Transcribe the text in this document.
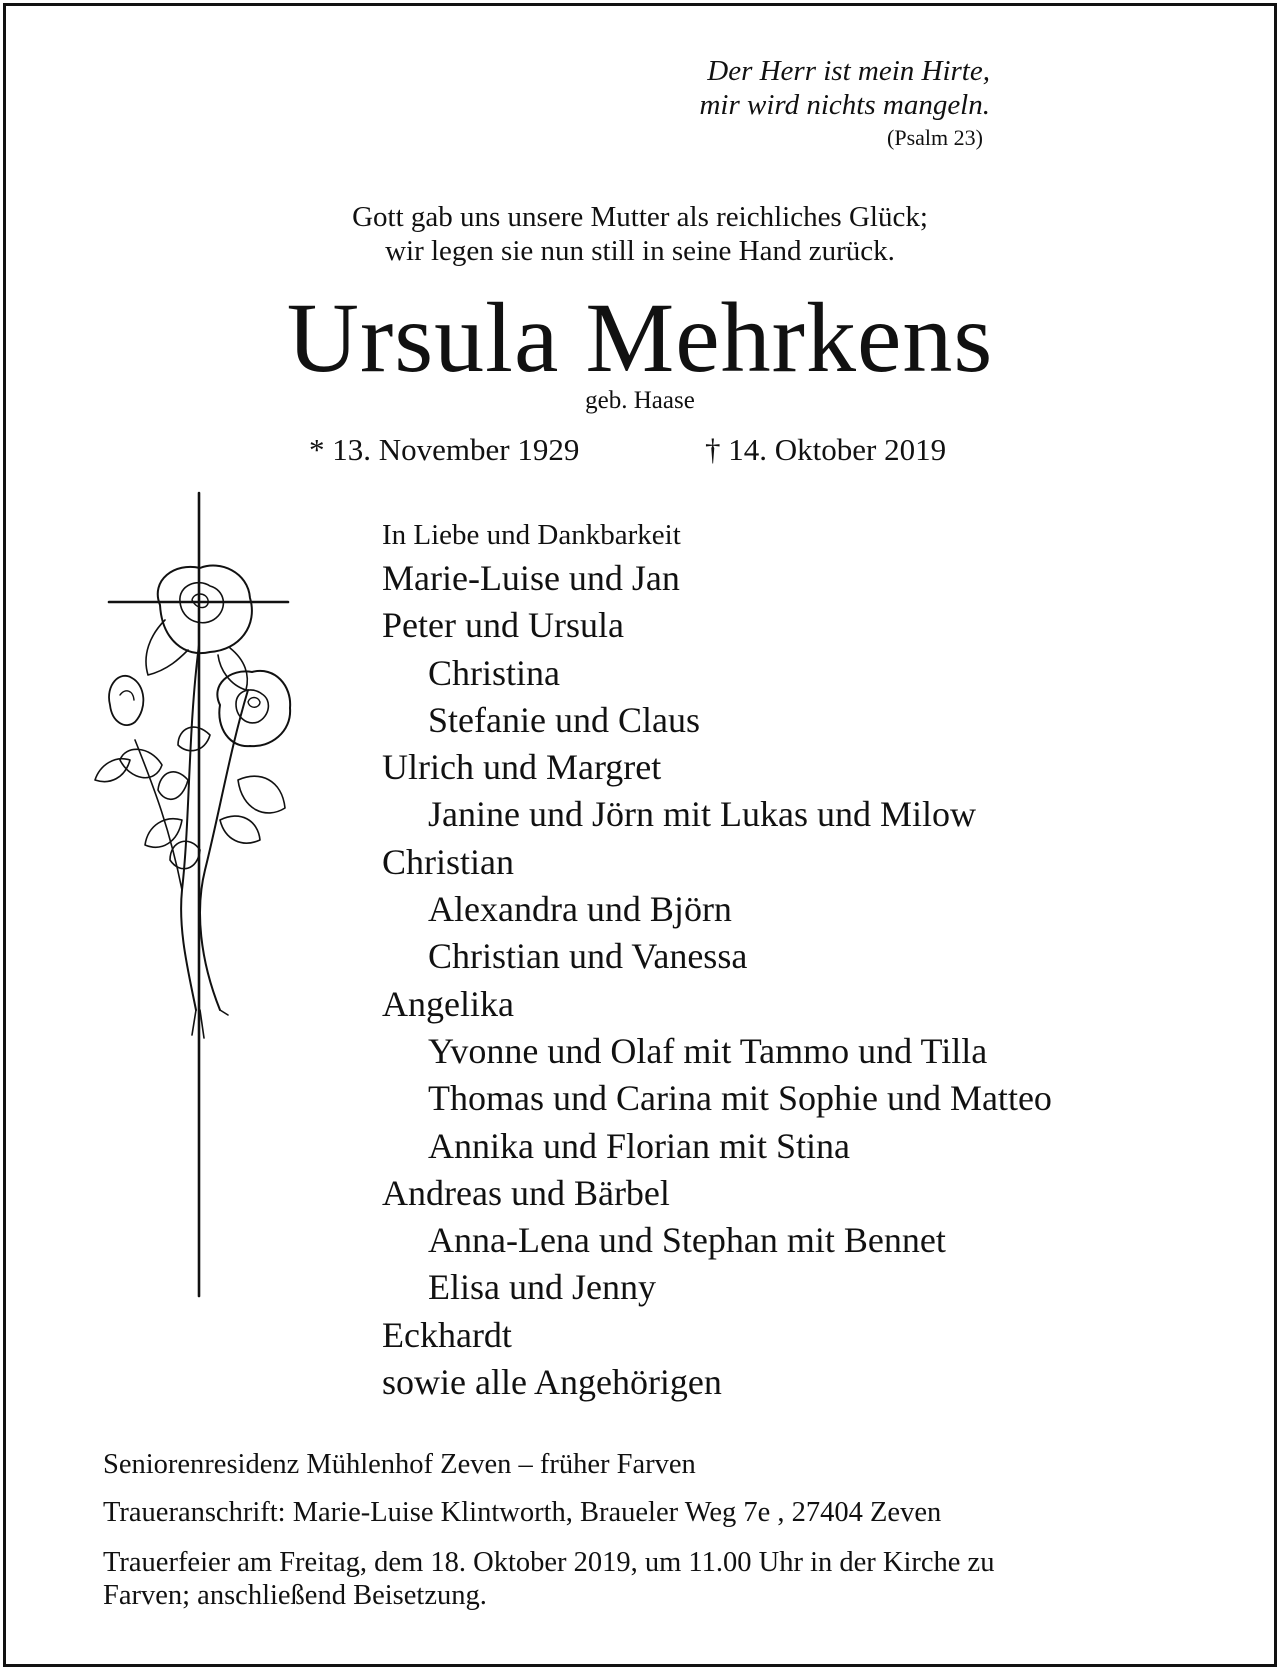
Der Herr ist mein Hirte,
mir wird nichts mangeln.
(Psalm 23)
Gott gab uns unsere Mutter als reichliches Glück;
wir legen sie nun still in seine Hand zurück.
Ursula Mehrkens
geb. Haase
* 13. November 1929	† 14. Oktober 2019
In Liebe und Dankbarkeit
Marie-Luise und Jan
Peter und Ursula
Christina
Stefanie und Claus
Ulrich und Margret
Janine und Jörn mit Lukas und Milow
Christian
Alexandra und Björn
Christian und Vanessa
Angelika
Yvonne und Olaf mit Tammo und Tilla
Thomas und Carina mit Sophie und Matteo
Annika und Florian mit Stina
Andreas und Bärbel
Anna-Lena und Stephan mit Bennet
Elisa und Jenny
Eckhardt
sowie alle Angehörigen
Seniorenresidenz Mühlenhof Zeven – früher Farven
Traueranschrift: Marie-Luise Klintworth, Braueler Weg 7e , 27404 Zeven
Trauerfeier am Freitag, dem 18. Oktober 2019, um 11.00 Uhr in der Kirche zu
Farven; anschließend Beisetzung.
